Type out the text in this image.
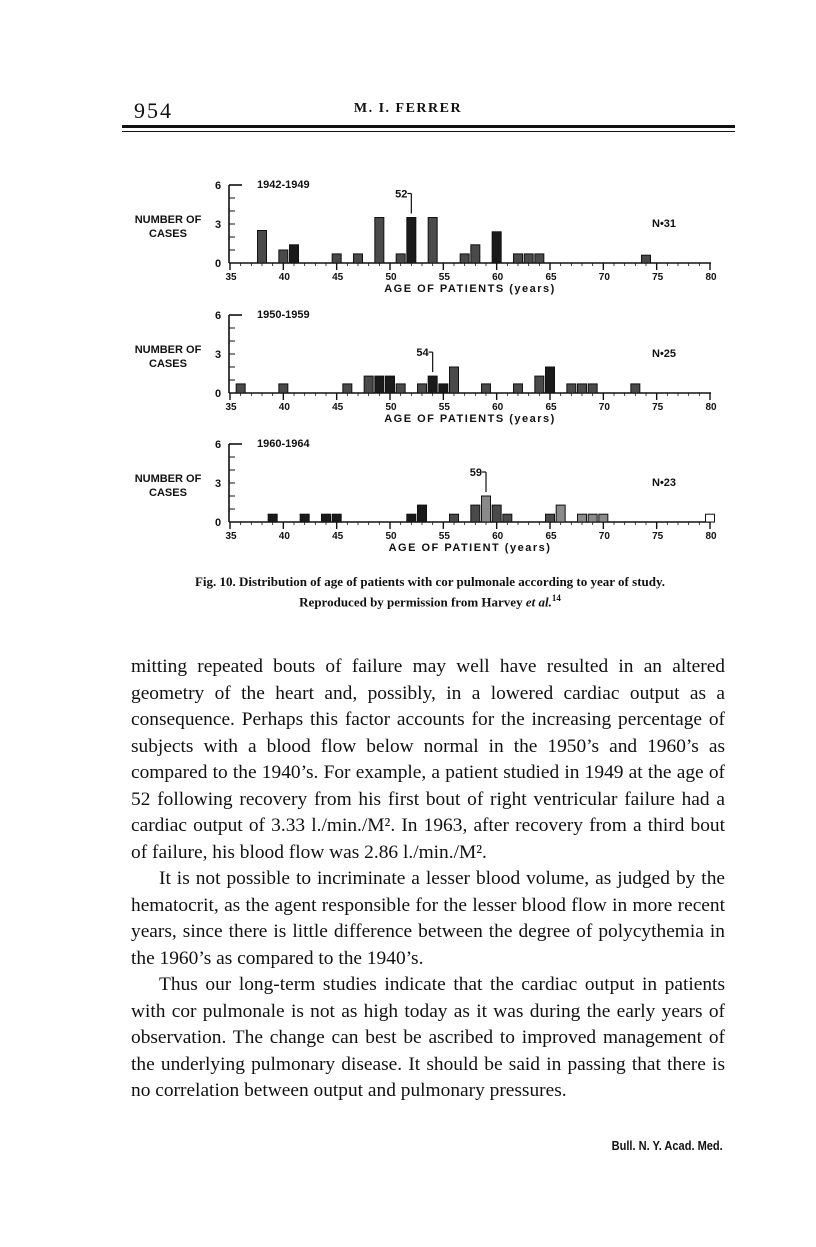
954	M. I. FERRER
0
3
6
NUMBER OF
CASES
35	40	45	50	55	60	65	70	75	80
AGE OF PATIENTS (years)
1942-1949
N•31
52
0
3
6
NUMBER OF
CASES
35	40	45	50	55	60	65	70	75	80
AGE OF PATIENTS (years)
1950-1959
N•25
54
0
3
6
NUMBER OF
CASES
35	40	45	50	55	60	65	70	75	80
AGE OF PATIENT (years)
1960-1964
N•23
59
Fig. 10. Distribution of age of patients with cor pulmonale according to year of study.
Reproduced by permission from Harvey et al.$^{14}$

mitting repeated bouts of failure may well have resulted in an altered geometry of the heart and, possibly, in a lowered cardiac output as a consequence. Perhaps this factor accounts for the increasing percentage of subjects with a blood flow below normal in the 1950’s and 1960’s as compared to the 1940’s. For example, a patient studied in 1949 at the age of 52 following recovery from his first bout of right ventricular failure had a cardiac output of 3.33 l./min./M². In 1963, after recovery from a third bout of failure, his blood flow was 2.86 l./min./M².

It is not possible to incriminate a lesser blood volume, as judged by the hematocrit, as the agent responsible for the lesser blood flow in more recent years, since there is little difference between the degree of polycythemia in the 1960’s as compared to the 1940’s.

Thus our long-term studies indicate that the cardiac output in patients with cor pulmonale is not as high today as it was during the early years of observation. The change can best be ascribed to improved management of the underlying pulmonary disease. It should be said in passing that there is no correlation between output and pulmonary pressures.

Bull. N. Y. Acad. Med.
